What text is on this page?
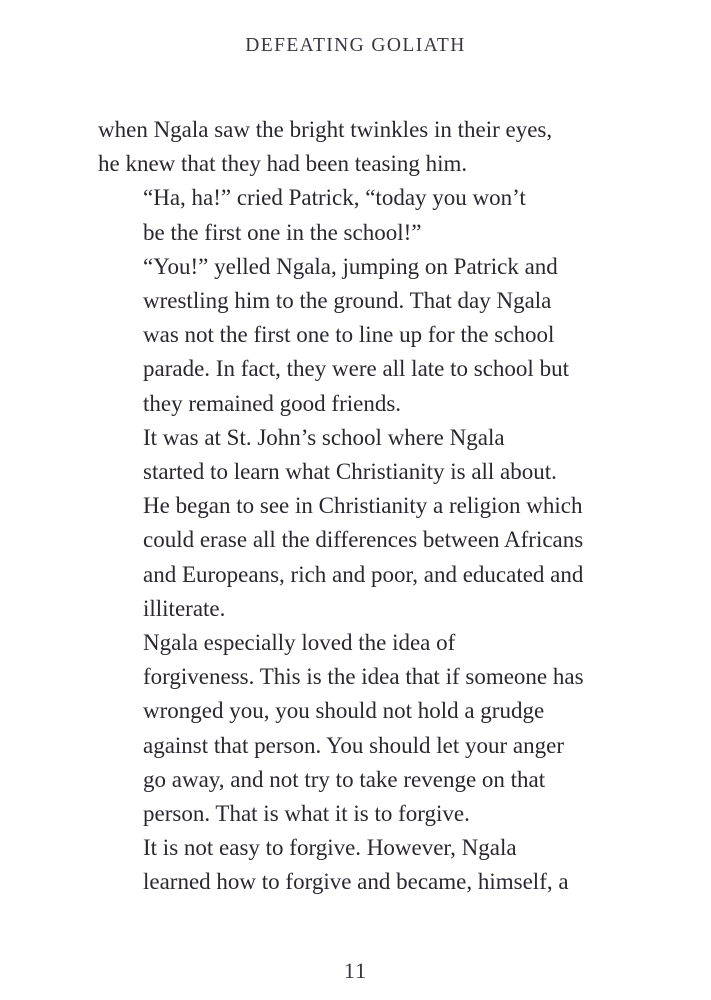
DEFEATING GOLIATH

when Ngala saw the bright twinkles in their eyes,
he knew that they had been teasing him.

“Ha, ha!” cried Patrick, “today you won’t
be the first one in the school!”

“You!” yelled Ngala, jumping on Patrick and
wrestling him to the ground. That day Ngala
was not the first one to line up for the school
parade. In fact, they were all late to school but
they remained good friends.

It was at St. John’s school where Ngala
started to learn what Christianity is all about.
He began to see in Christianity a religion which
could erase all the differences between Africans
and Europeans, rich and poor, and educated and
illiterate.

Ngala especially loved the idea of
forgiveness. This is the idea that if someone has
wronged you, you should not hold a grudge
against that person. You should let your anger
go away, and not try to take revenge on that
person. That is what it is to forgive.

It is not easy to forgive. However, Ngala
learned how to forgive and became, himself, a

11
